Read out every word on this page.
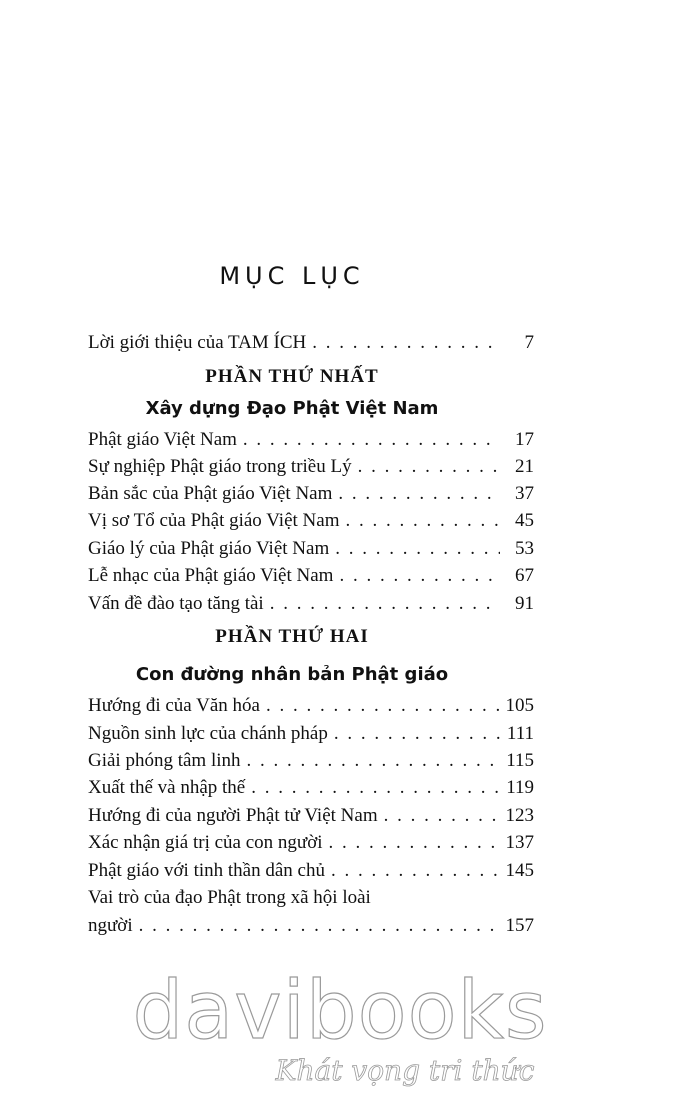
MỤC LỤC
Lời giới thiệu của TAM ÍCH . . .	7
PHẦN THỨ NHẤT
Xây dựng Đạo Phật Việt Nam
Phật giáo Việt Nam . . .	17
Sự nghiệp Phật giáo trong triều Lý . . .	21
Bản sắc của Phật giáo Việt Nam . . .	37
Vị sơ Tổ của Phật giáo Việt Nam . . .	45
Giáo lý của Phật giáo Việt Nam . . .	53
Lễ nhạc của Phật giáo Việt Nam . . .	67
Vấn đề đào tạo tăng tài . . .	91
PHẦN THỨ HAI
Con đường nhân bản Phật giáo
Hướng đi của Văn hóa . . .	105
Nguồn sinh lực của chánh pháp . . .	111
Giải phóng tâm linh . . .	115
Xuất thế và nhập thế . . .	119
Hướng đi của người Phật tử Việt Nam . . .	123
Xác nhận giá trị của con người . . .	137
Phật giáo với tinh thần dân chủ . . .	145
Vai trò của đạo Phật trong xã hội loài
người . . .	157
davibooks
Khát vọng tri thức
